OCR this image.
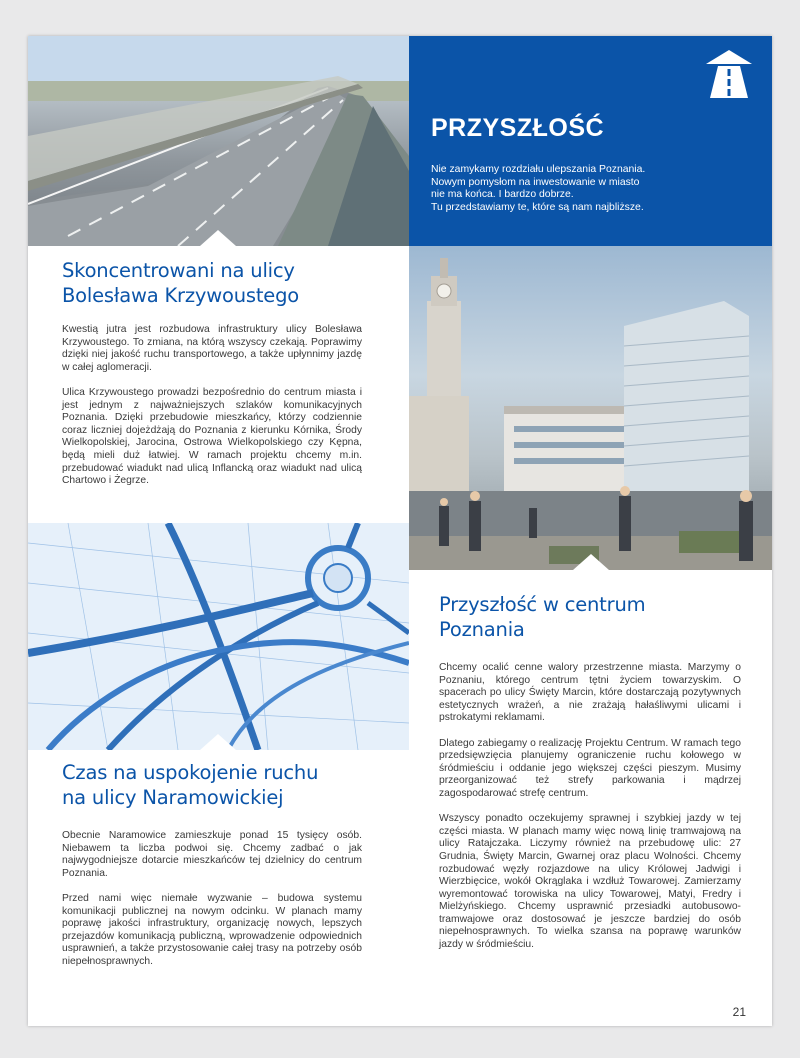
PRZYSZŁOŚĆ
Nie zamykamy rozdziału ulepszania Poznania.
Nowym pomysłom na inwestowanie w miasto
nie ma końca. I bardzo dobrze.
Tu przedstawiamy te, które są nam najbliższe.
Skoncentrowani na ulicy
Bolesława Krzywoustego

Kwestią jutra jest rozbudowa infrastruktury ulicy Bolesława Krzywoustego. To zmiana, na którą wszyscy czekają. Poprawimy dzięki niej jakość ruchu transportowego, a także upłynnimy jazdę w całej aglomeracji.

Ulica Krzywoustego prowadzi bezpośrednio do centrum miasta i jest jednym z najważniejszych szlaków komunikacyjnych Poznania. Dzięki przebudowie mieszkańcy, którzy codziennie coraz liczniej dojeżdżają do Poznania z kierunku Kórnika, Środy Wielkopolskiej, Jarocina, Ostrowa Wielkopolskiego czy Kępna, będą mieli duż łatwiej. W ramach projektu chcemy m.in. przebudować wiadukt nad ulicą Inflancką oraz wiadukt nad ulicą Chartowo i Żegrze.

Przyszłość w centrum
Poznania

Chcemy ocalić cenne walory przestrzenne miasta. Marzymy o Poznaniu, którego centrum tętni życiem towarzyskim. O spacerach po ulicy Święty Marcin, które dostarczają pozytywnych estetycznych wrażeń, a nie zrażają hałaśliwymi ulicami i pstrokatymi reklamami.

Dlatego zabiegamy o realizację Projektu Centrum. W ramach tego przedsięwzięcia planujemy ograniczenie ruchu kołowego w śródmieściu i oddanie jego większej części pieszym. Musimy przeorganizować też strefy parkowania i mądrzej zagospodarować strefę centrum.

Wszyscy ponadto oczekujemy sprawnej i szybkiej jazdy w tej części miasta. W planach mamy więc nową linię tramwajową na ulicy Ratajczaka. Liczymy również na przebudowę ulic: 27 Grudnia, Święty Marcin, Gwarnej oraz placu Wolności. Chcemy rozbudować węzły rozjazdowe na ulicy Królowej Jadwigi i Wierzbięcice, wokół Okrąglaka i wzdłuż Towarowej. Zamierzamy wyremontować torowiska na ulicy Towarowej, Matyi, Fredry i Mielżyńskiego. Chcemy usprawnić przesiadki autobusowo-tramwajowe oraz dostosować je jeszcze bardziej do osób niepełnosprawnych. To wielka szansa na poprawę warunków jazdy w śródmieściu.

Czas na uspokojenie ruchu
na ulicy Naramowickiej

Obecnie Naramowice zamieszkuje ponad 15 tysięcy osób. Niebawem ta liczba podwoi się. Chcemy zadbać o jak najwygodniejsze dotarcie mieszkańców tej dzielnicy do centrum Poznania.

Przed nami więc niemałe wyzwanie – budowa systemu komunikacji publicznej na nowym odcinku. W planach mamy poprawę jakości infrastruktury, organizację nowych, lepszych przejazdów komunikacją publiczną, wprowadzenie odpowiednich usprawnień, a także przystosowanie całej trasy na potrzeby osób niepełnosprawnych.

21
